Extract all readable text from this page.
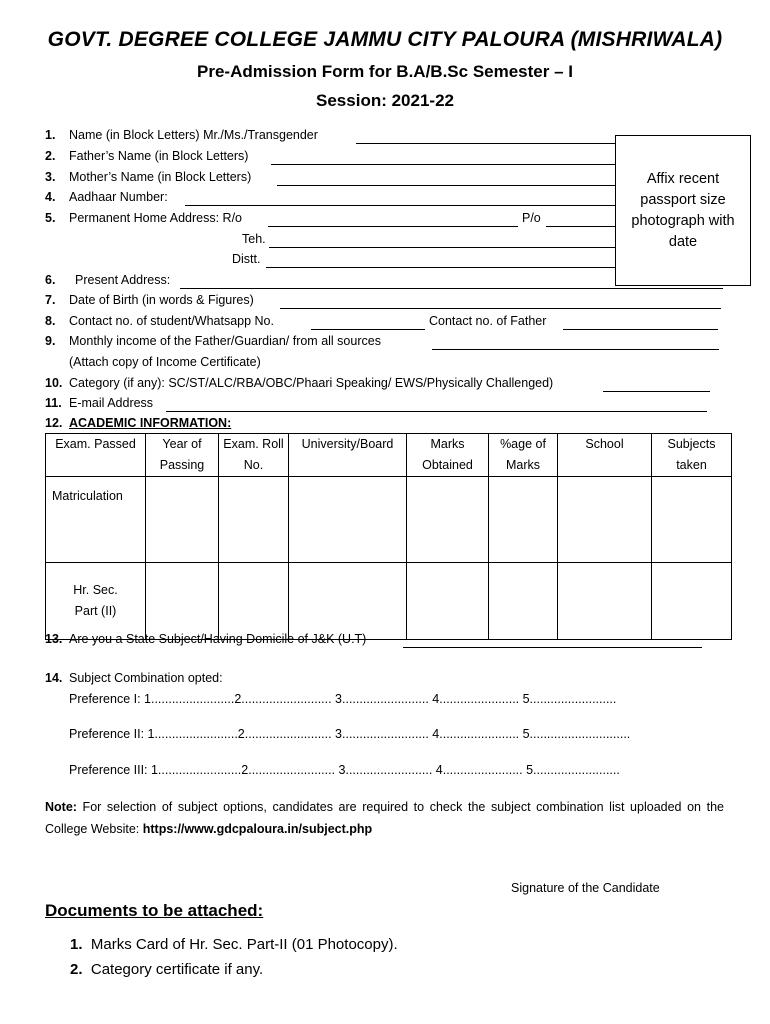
GOVT. DEGREE COLLEGE JAMMU CITY PALOURA (MISHRIWALA)
Pre-Admission Form for B.A/B.Sc Semester – I
Session: 2021-22
Affix recent passport size photograph with date
1. Name (in Block Letters) Mr./Ms./Transgender
2. Father’s Name (in Block Letters)
3. Mother’s Name (in Block Letters)
4. Aadhaar Number:
5. Permanent Home Address: R/o	P/o
Teh.
Distt.
6. Present Address:
7. Date of Birth (in words & Figures)
8. Contact no. of student/Whatsapp No.	Contact no. of Father
9. Monthly income of the Father/Guardian/ from all sources
(Attach copy of Income Certificate)
10. Category (if any): SC/ST/ALC/RBA/OBC/Phaari Speaking/ EWS/Physically Challenged)
11. E-mail Address
12. ACADEMIC INFORMATION:
Exam. Passed	Year of Passing	Exam. Roll No.	University/Board	Marks Obtained	%age of Marks	School	Subjects taken
Matriculation							
Hr. Sec. Part (II)							
13. Are you a State Subject/Having Domicile of J&K (U.T)
14. Subject Combination opted:
Preference I: 1........................2.......................... 3......................... 4....................... 5.........................
Preference II: 1........................2......................... 3......................... 4....................... 5.............................
Preference III: 1........................2......................... 3......................... 4....................... 5.........................
Note: For selection of subject options, candidates are required to check the subject combination list uploaded on the College Website: https://www.gdcpaloura.in/subject.php
Signature of the Candidate
Documents to be attached:
1. Marks Card of Hr. Sec. Part-II (01 Photocopy).
2. Category certificate if any.
